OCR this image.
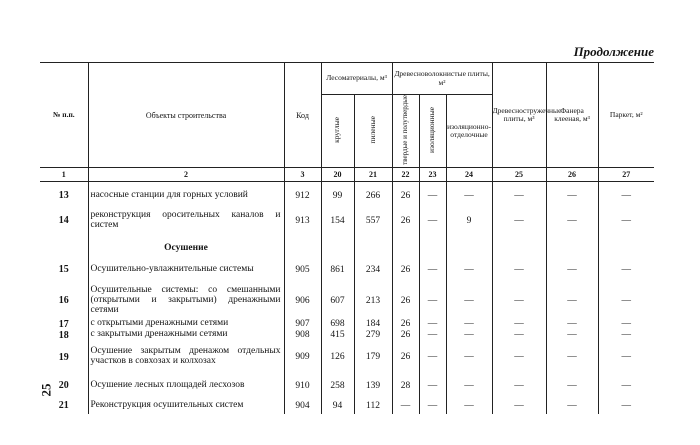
Продолжение
25
№ п.п.	Объекты строительства	Код	Лесоматериалы, м³		Древесноволокнистые плиты, м²			Древесностружечные плиты, м³	Фанера клееная, м³	Паркет, м²
			круглые	пиленые	твердые и полутвердые	изоляционные	изоляционно-отделочные			
1	2	3	20	21	22	23	24	25	26	27
13	насосные станции для горных условий	912	99	266	26	—	—	—	—	—
14	реконструкция оросительных каналов и систем	913	154	557	26	—	9	—	—	—
	Осушение									
15	Осушительно-увлажнительные системы	905	861	234	26	—	—	—	—	—
16	Осушительные системы: со смешанными (открытыми и закрытыми) дренажными сетями	906	607	213	26	—	—	—	—	—
17	с открытыми дренажными сетями	907	698	184	26	—	—	—	—	—
18	с закрытыми дренажными сетями	908	415	279	26	—	—	—	—	—
19	Осушение закрытым дренажом отдельных участков в совхозах и колхозах	909	126	179	26	—	—	—	—	—
20	Осушение лесных площадей лесхозов	910	258	139	28	—	—	—	—	—
21	Реконструкция осушительных систем	904	94	112	—	—	—	—	—	—
